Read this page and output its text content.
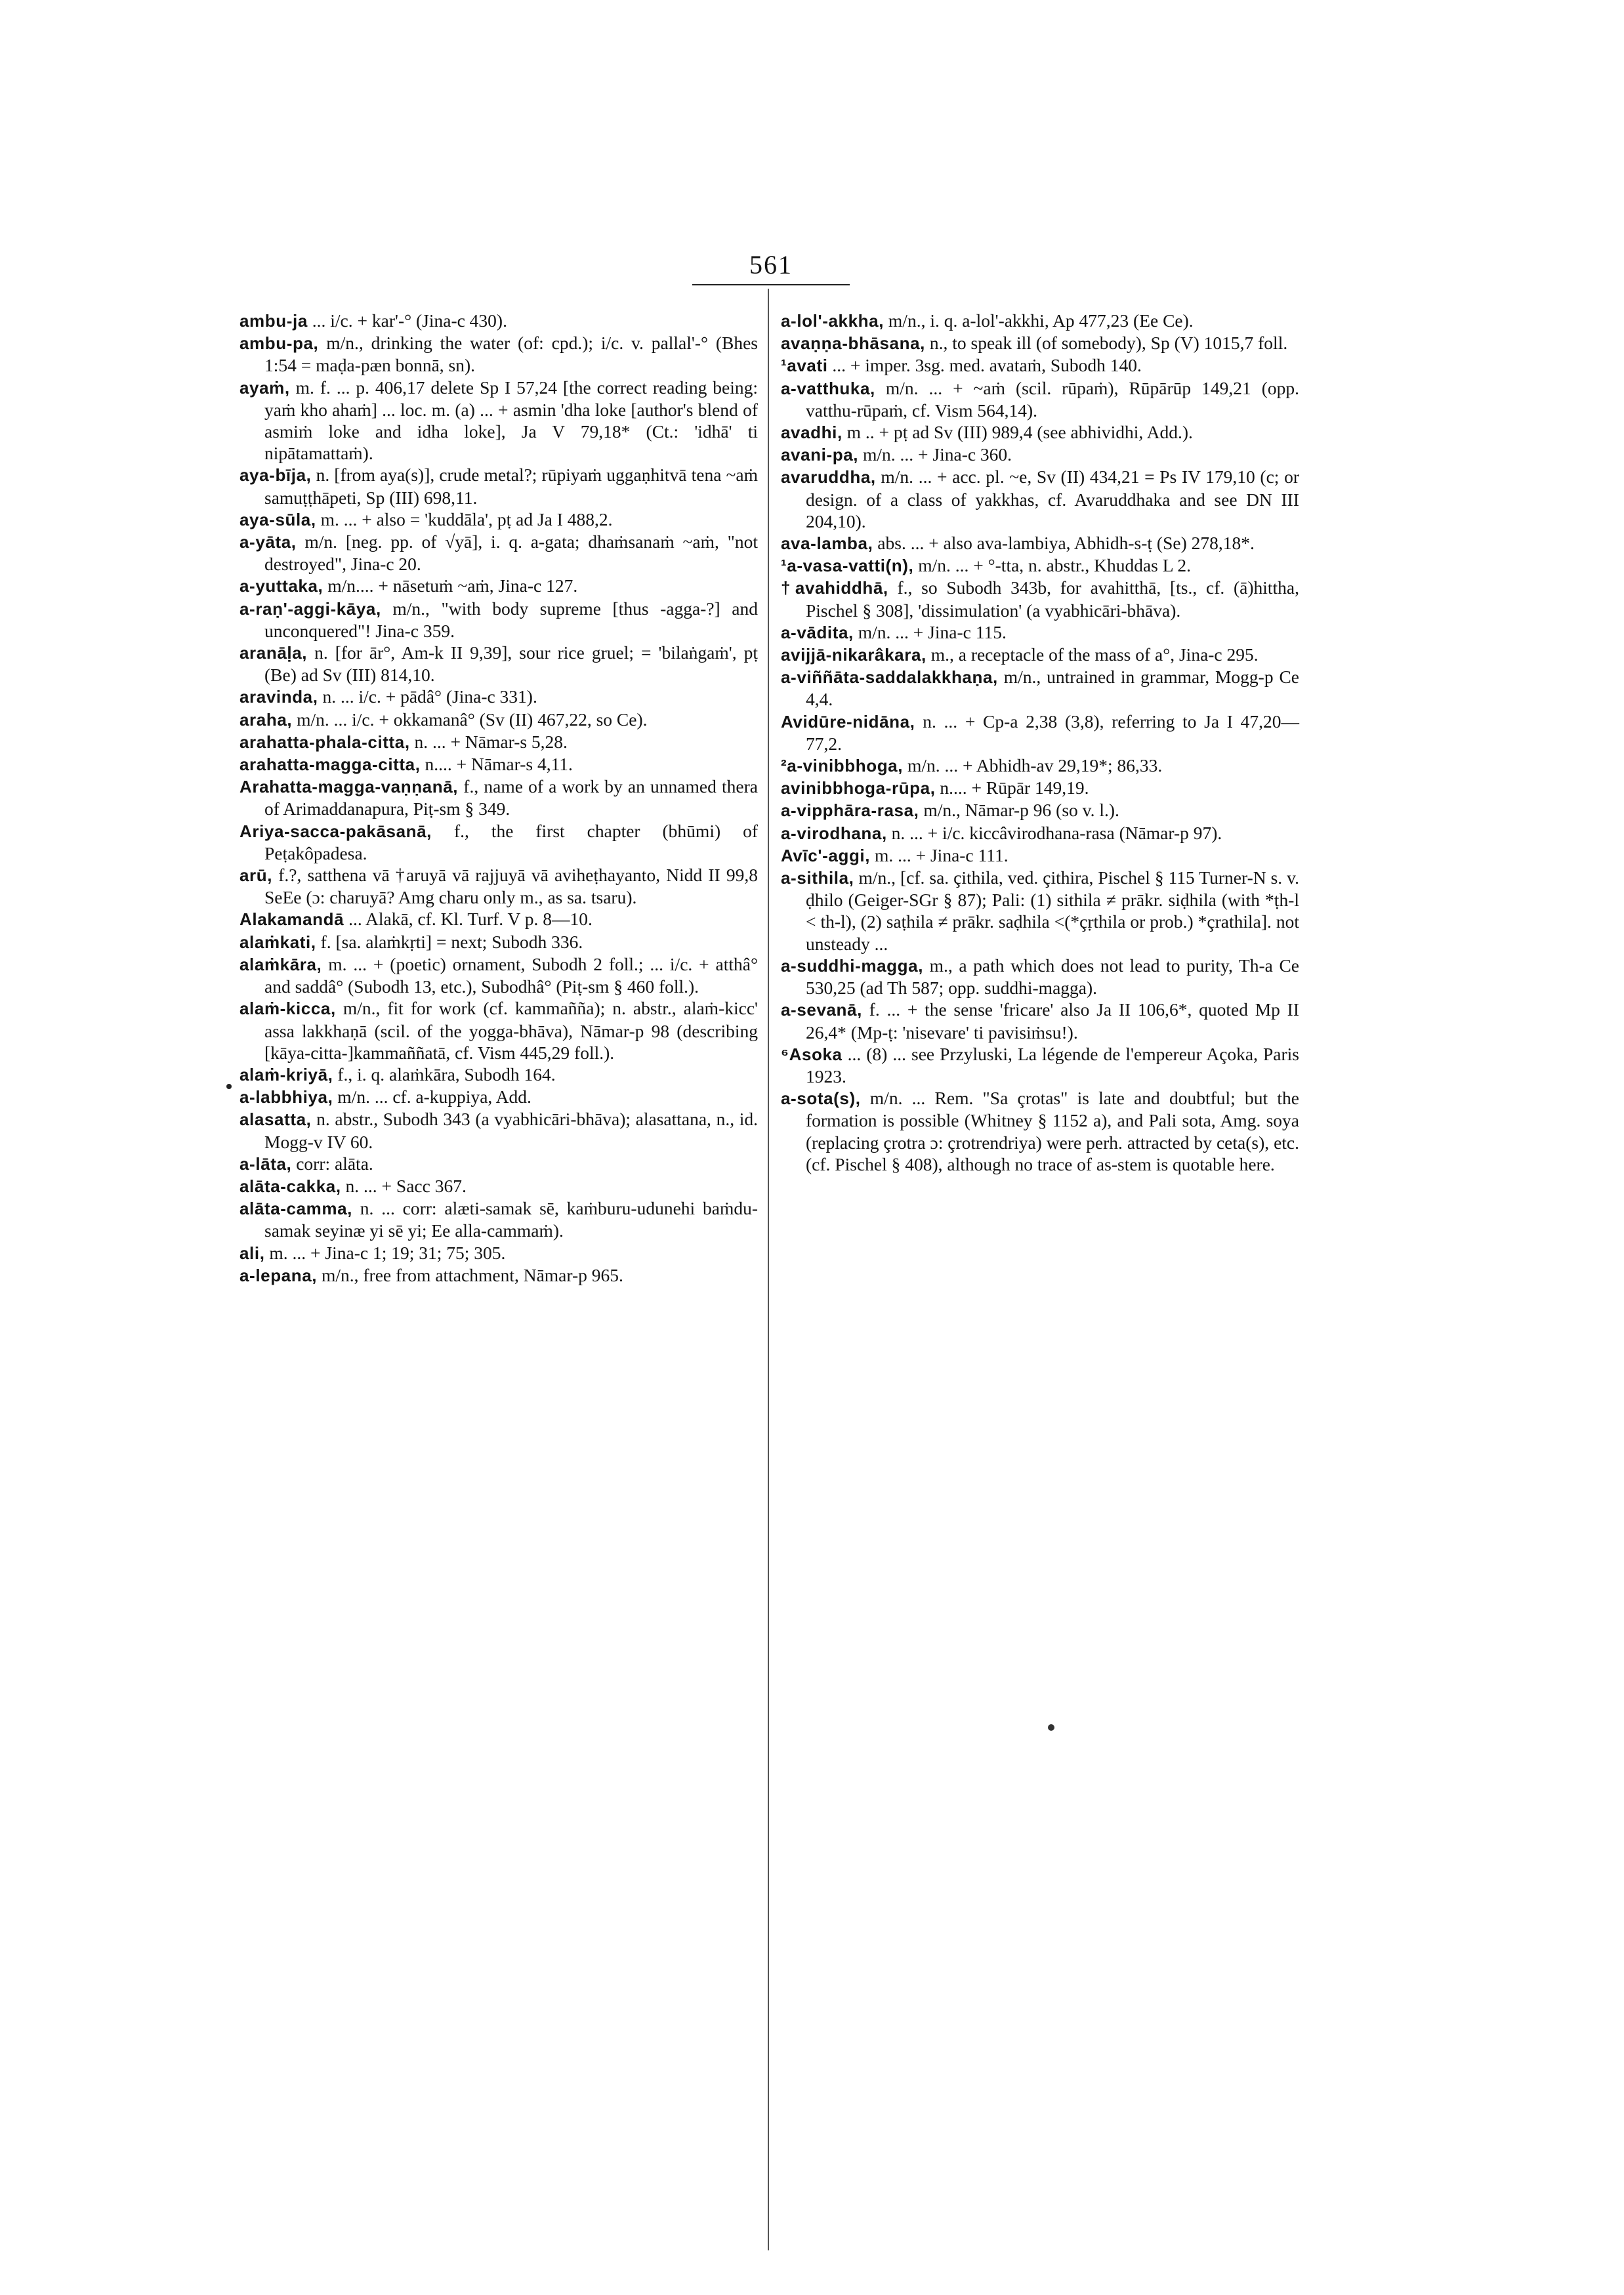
561

ambu-ja ... i/c. + kar'-° (Jina-c 430).

ambu-pa, m/n., drinking the water (of: cpd.); i/c. v. pallal'-° (Bhes 1:54 = maḍa-pæn bonnā, sn).

ayaṁ, m. f. ... p. 406,17 delete Sp I 57,24 [the correct reading being: yaṁ kho ahaṁ] ... loc. m. (a) ... + asmin 'dha loke [author's blend of asmiṁ loke and idha loke], Ja V 79,18* (Ct.: 'idhā' ti nipātamattaṁ).

aya-bīja, n. [from aya(s)], crude metal?; rūpiyaṁ uggaṇhitvā tena ~aṁ samuṭṭhāpeti, Sp (III) 698,11.

aya-sūla, m. ... + also = 'kuddāla', pṭ ad Ja I 488,2.

a-yāta, m/n. [neg. pp. of √yā], i. q. a-gata; dhaṁsanaṁ ~aṁ, "not destroyed", Jina-c 20.

a-yuttaka, m/n.... + nāsetuṁ ~aṁ, Jina-c 127.

a-raṇ'-aggi-kāya, m/n., "with body supreme [thus -agga-?] and unconquered"! Jina-c 359.

aranāḷa, n. [for ār°, Am-k II 9,39], sour rice gruel; = 'bilaṅgaṁ', pṭ (Be) ad Sv (III) 814,10.

aravinda, n. ... i/c. + pādâ° (Jina-c 331).

araha, m/n. ... i/c. + okkamanâ° (Sv (II) 467,22, so Ce).

arahatta-phala-citta, n. ... + Nāmar-s 5,28.

arahatta-magga-citta, n.... + Nāmar-s 4,11.

Arahatta-magga-vaṇṇanā, f., name of a work by an unnamed thera of Arimaddanapura, Piṭ-sm § 349.

Ariya-sacca-pakāsanā, f., the first chapter (bhūmi) of Peṭakôpadesa.

arū, f.?, satthena vā †aruyā vā rajjuyā vā aviheṭhayanto, Nidd II 99,8 SeEe (ɔ: charuyā? Amg charu only m., as sa. tsaru).

Alakamandā ... Alakā, cf. Kl. Turf. V p. 8—10.

alaṁkati, f. [sa. alaṁkṛti] = next; Subodh 336.

alaṁkāra, m. ... + (poetic) ornament, Subodh 2 foll.; ... i/c. + atthâ° and saddâ° (Subodh 13, etc.), Subodhâ° (Piṭ-sm § 460 foll.).

alaṁ-kicca, m/n., fit for work (cf. kammañña); n. abstr., alaṁ-kicc' assa lakkhaṇā (scil. of the yogga-bhāva), Nāmar-p 98 (describing [kāya-citta-]kammaññatā, cf. Vism 445,29 foll.).

alaṁ-kriyā, f., i. q. alaṁkāra, Subodh 164.

a-labbhiya, m/n. ... cf. a-kuppiya, Add.

alasatta, n. abstr., Subodh 343 (a vyabhicāri-bhāva); alasattana, n., id. Mogg-v IV 60.

a-lāta, corr: alāta.

alāta-cakka, n. ... + Sacc 367.

alāta-camma, n. ... corr: alæti-samak sē, kaṁburu-udunehi baṁdu-samak seyinæ yi sē yi; Ee alla-cammaṁ).

ali, m. ... + Jina-c 1; 19; 31; 75; 305.

a-lepana, m/n., free from attachment, Nāmar-p 965.

a-lol'-akkha, m/n., i. q. a-lol'-akkhi, Ap 477,23 (Ee Ce).

avaṇṇa-bhāsana, n., to speak ill (of somebody), Sp (V) 1015,7 foll.

¹avati ... + imper. 3sg. med. avataṁ, Subodh 140.

a-vatthuka, m/n. ... + ~aṁ (scil. rūpaṁ), Rūpārūp 149,21 (opp. vatthu-rūpaṁ, cf. Vism 564,14).

avadhi, m .. + pṭ ad Sv (III) 989,4 (see abhividhi, Add.).

avani-pa, m/n. ... + Jina-c 360.

avaruddha, m/n. ... + acc. pl. ~e, Sv (II) 434,21 = Ps IV 179,10 (c; or design. of a class of yakkhas, cf. Avaruddhaka and see DN III 204,10).

ava-lamba, abs. ... + also ava-lambiya, Abhidh-s-ṭ (Se) 278,18*.

¹a-vasa-vatti(n), m/n. ... + °-tta, n. abstr., Khuddas L 2.

†avahiddhā, f., so Subodh 343b, for avahitthā, [ts., cf. (ā)hittha, Pischel § 308], 'dissimulation' (a vyabhicāri-bhāva).

a-vādita, m/n. ... + Jina-c 115.

avijjā-nikarâkara, m., a receptacle of the mass of a°, Jina-c 295.

a-viññāta-saddalakkhaṇa, m/n., untrained in grammar, Mogg-p Ce 4,4.

Avidūre-nidāna, n. ... + Cp-a 2,38 (3,8), referring to Ja I 47,20—77,2.

²a-vinibbhoga, m/n. ... + Abhidh-av 29,19*; 86,33.

avinibbhoga-rūpa, n.... + Rūpār 149,19.

a-vipphāra-rasa, m/n., Nāmar-p 96 (so v. l.).

a-virodhana, n. ... + i/c. kiccâvirodhana-rasa (Nāmar-p 97).

Avīc'-aggi, m. ... + Jina-c 111.

a-sithila, m/n., [cf. sa. çithila, ved. çithira, Pischel § 115 Turner-N s. v. ḍhilo (Geiger-SGr § 87); Pali: (1) sithila ≠ prākr. siḍhila (with *ṭh-l < th-l), (2) saṭhila ≠ prākr. saḍhila <(*çṛthila or prob.) *çrathila]. not unsteady ...

a-suddhi-magga, m., a path which does not lead to purity, Th-a Ce 530,25 (ad Th 587; opp. suddhi-magga).

a-sevanā, f. ... + the sense 'fricare' also Ja II 106,6*, quoted Mp II 26,4* (Mp-ṭ: 'nisevare' ti pavisiṁsu!).

⁶Asoka ... (8) ... see Przyluski, La légende de l'empereur Açoka, Paris 1923.

a-sota(s), m/n. ... Rem. "Sa çrotas" is late and doubtful; but the formation is possible (Whitney § 1152 a), and Pali sota, Amg. soya (replacing çrotra ɔ: çrotrendriya) were perh. attracted by ceta(s), etc. (cf. Pischel § 408), although no trace of as-stem is quotable here.
